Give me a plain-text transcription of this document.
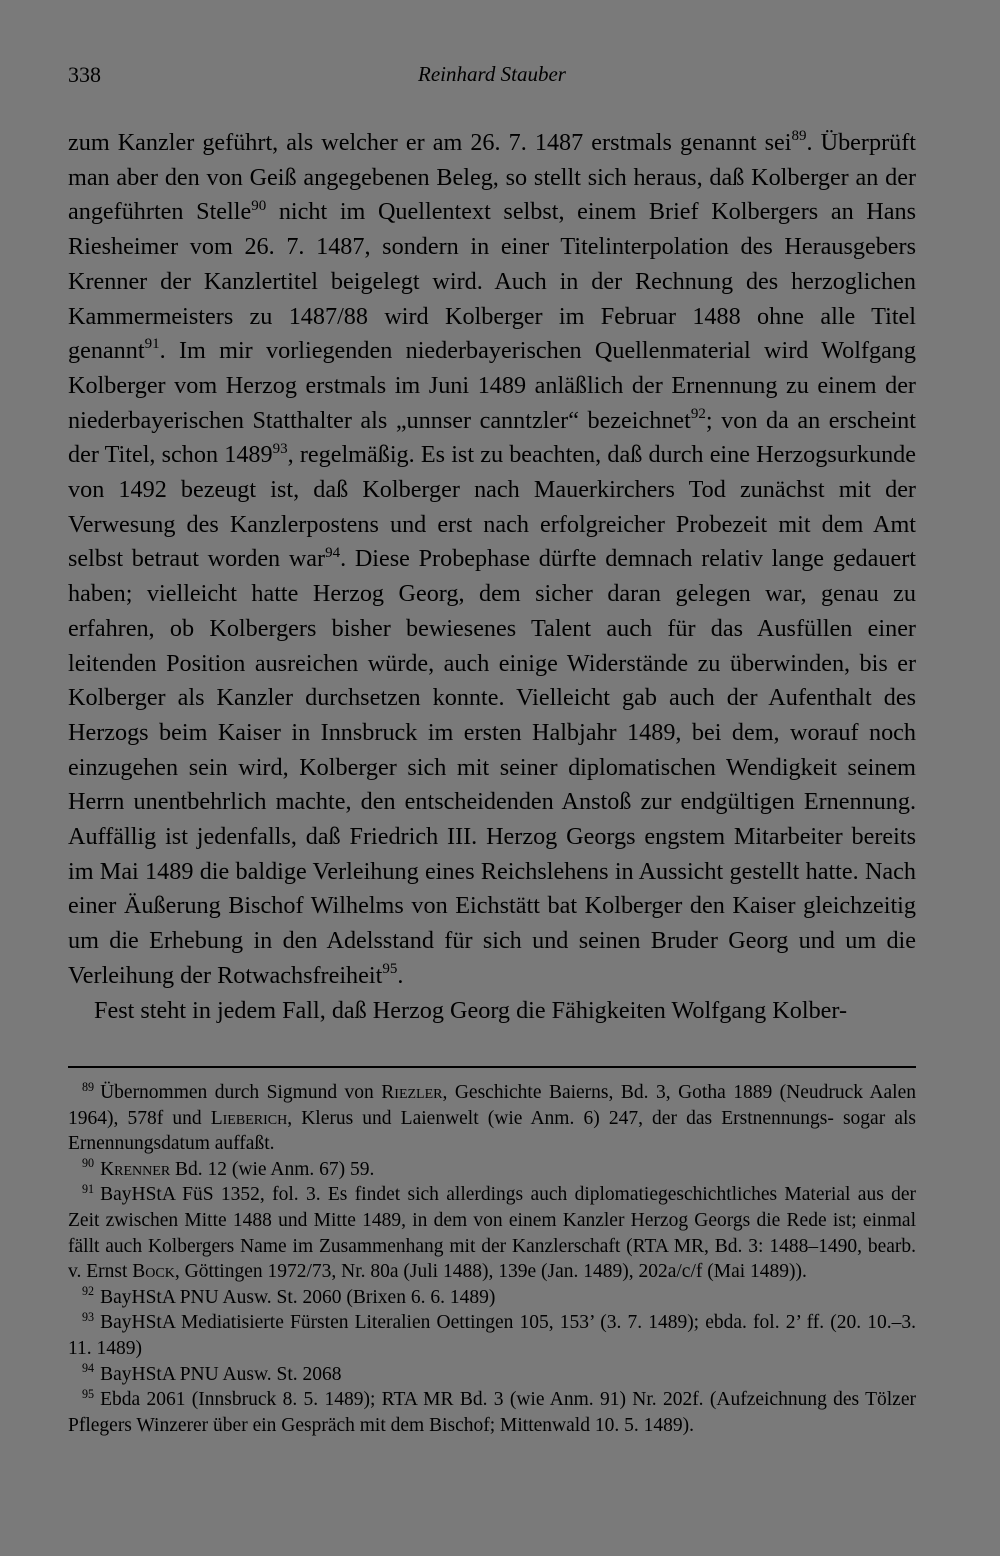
338	Reinhard Stauber

zum Kanzler geführt, als welcher er am 26. 7. 1487 erstmals genannt sei$^{89}$. Überprüft man aber den von Geiß angegebenen Beleg, so stellt sich heraus, daß Kolberger an der angeführten Stelle$^{90}$ nicht im Quellentext selbst, einem Brief Kolbergers an Hans Riesheimer vom 26. 7. 1487, sondern in einer Titelinterpolation des Herausgebers Krenner der Kanzlertitel beigelegt wird. Auch in der Rechnung des herzoglichen Kammermeisters zu 1487/88 wird Kolberger im Februar 1488 ohne alle Titel genannt$^{91}$. Im mir vorliegenden niederbayerischen Quellenmaterial wird Wolfgang Kolberger vom Herzog erstmals im Juni 1489 anläßlich der Ernennung zu einem der niederbayerischen Statthalter als „unnser canntzler“ bezeichnet$^{92}$; von da an erscheint der Titel, schon 1489$^{93}$, regelmäßig. Es ist zu beachten, daß durch eine Herzogsurkunde von 1492 bezeugt ist, daß Kolberger nach Mauerkirchers Tod zunächst mit der Verwesung des Kanzlerpostens und erst nach erfolgreicher Probezeit mit dem Amt selbst betraut worden war$^{94}$. Diese Probephase dürfte demnach relativ lange gedauert haben; vielleicht hatte Herzog Georg, dem sicher daran gelegen war, genau zu erfahren, ob Kolbergers bisher bewiesenes Talent auch für das Ausfüllen einer leitenden Position ausreichen würde, auch einige Widerstände zu überwinden, bis er Kolberger als Kanzler durchsetzen konnte. Vielleicht gab auch der Aufenthalt des Herzogs beim Kaiser in Innsbruck im ersten Halbjahr 1489, bei dem, worauf noch einzugehen sein wird, Kolberger sich mit seiner diplomatischen Wendigkeit seinem Herrn unentbehrlich machte, den entscheidenden Anstoß zur endgültigen Ernennung. Auffällig ist jedenfalls, daß Friedrich III. Herzog Georgs engstem Mitarbeiter bereits im Mai 1489 die baldige Verleihung eines Reichslehens in Aussicht gestellt hatte. Nach einer Äußerung Bischof Wilhelms von Eichstätt bat Kolberger den Kaiser gleichzeitig um die Erhebung in den Adelsstand für sich und seinen Bruder Georg und um die Verleihung der Rotwachsfreiheit$^{95}$.

Fest steht in jedem Fall, daß Herzog Georg die Fähigkeiten Wolfgang Kolber-

$^{89}$ Übernommen durch Sigmund von Riezler, Geschichte Baierns, Bd. 3, Gotha 1889 (Neudruck Aalen 1964), 578f und Lieberich, Klerus und Laienwelt (wie Anm. 6) 247, der das Erstnennungs- sogar als Ernennungsdatum auffaßt.

$^{90}$ Krenner Bd. 12 (wie Anm. 67) 59.

$^{91}$ BayHStA FüS 1352, fol. 3. Es findet sich allerdings auch diplomatiegeschichtliches Material aus der Zeit zwischen Mitte 1488 und Mitte 1489, in dem von einem Kanzler Herzog Georgs die Rede ist; einmal fällt auch Kolbergers Name im Zusammenhang mit der Kanzlerschaft (RTA MR, Bd. 3: 1488–1490, bearb. v. Ernst Bock, Göttingen 1972/73, Nr. 80a (Juli 1488), 139e (Jan. 1489), 202a/c/f (Mai 1489)).

$^{92}$ BayHStA PNU Ausw. St. 2060 (Brixen 6. 6. 1489)

$^{93}$ BayHStA Mediatisierte Fürsten Literalien Oettingen 105, 153’ (3. 7. 1489); ebda. fol. 2’ ff. (20. 10.–3. 11. 1489)

$^{94}$ BayHStA PNU Ausw. St. 2068

$^{95}$ Ebda 2061 (Innsbruck 8. 5. 1489); RTA MR Bd. 3 (wie Anm. 91) Nr. 202f. (Aufzeichnung des Tölzer Pflegers Winzerer über ein Gespräch mit dem Bischof; Mittenwald 10. 5. 1489).
